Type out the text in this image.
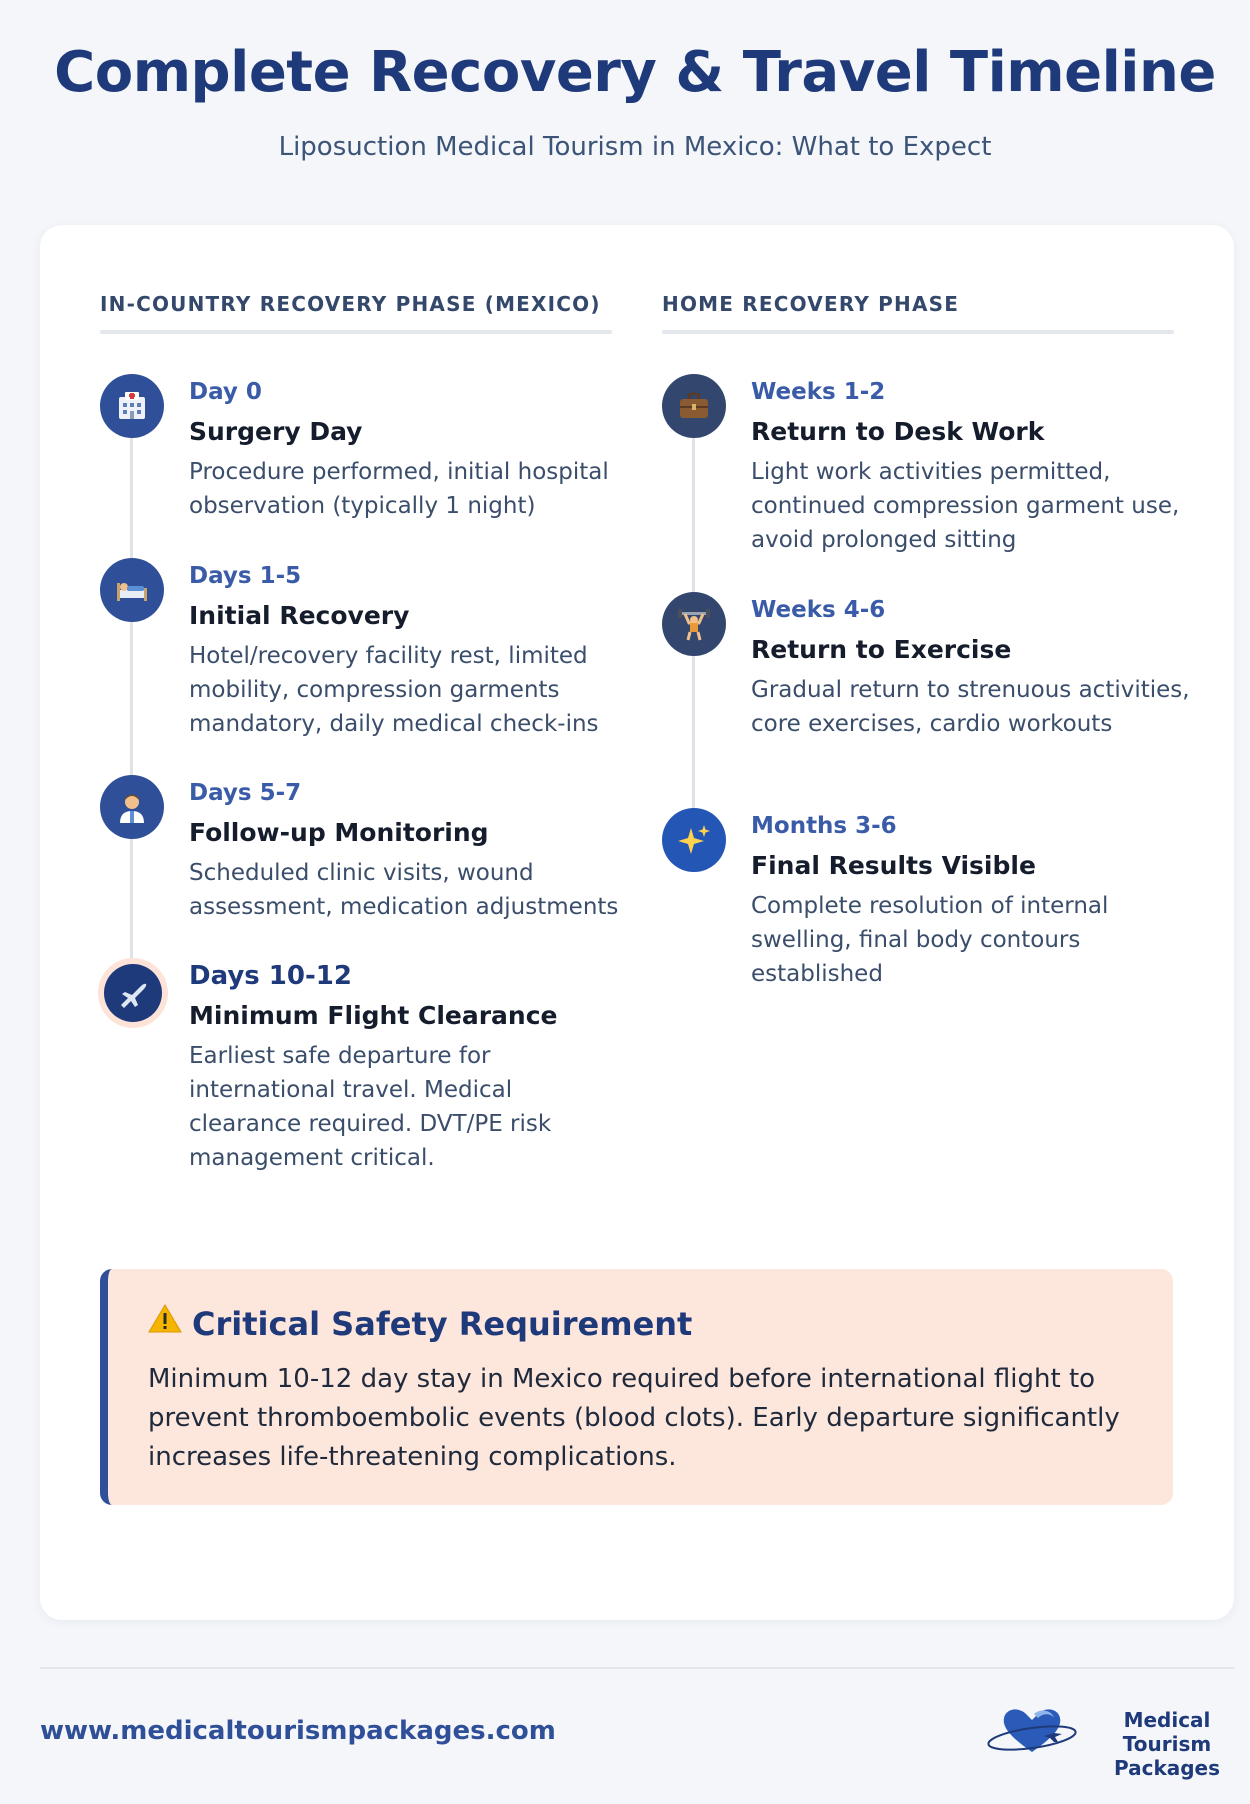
Complete Recovery & Travel Timeline
Liposuction Medical Tourism in Mexico: What to Expect
IN-COUNTRY RECOVERY PHASE (MEXICO)	HOME RECOVERY PHASE
Day 0
Surgery Day
Procedure performed, initial hospital observation (typically 1 night)
Days 1-5
Initial Recovery
Hotel/recovery facility rest, limited mobility, compression garments mandatory, daily medical check-ins
Days 5-7
Follow-up Monitoring
Scheduled clinic visits, wound assessment, medication adjustments
Days 10-12
Minimum Flight Clearance
Earliest safe departure for international travel. Medical clearance required. DVT/PE risk management critical.
Weeks 1-2
Return to Desk Work
Light work activities permitted, continued compression garment use, avoid prolonged sitting
Weeks 4-6
Return to Exercise
Gradual return to strenuous activities, core exercises, cardio workouts
Months 3-6
Final Results Visible
Complete resolution of internal swelling, final body contours established
Critical Safety Requirement
Minimum 10-12 day stay in Mexico required before international flight to prevent thromboembolic events (blood clots). Early departure significantly increases life-threatening complications.
www.medicaltourismpackages.com	Medical Tourism
Packages
